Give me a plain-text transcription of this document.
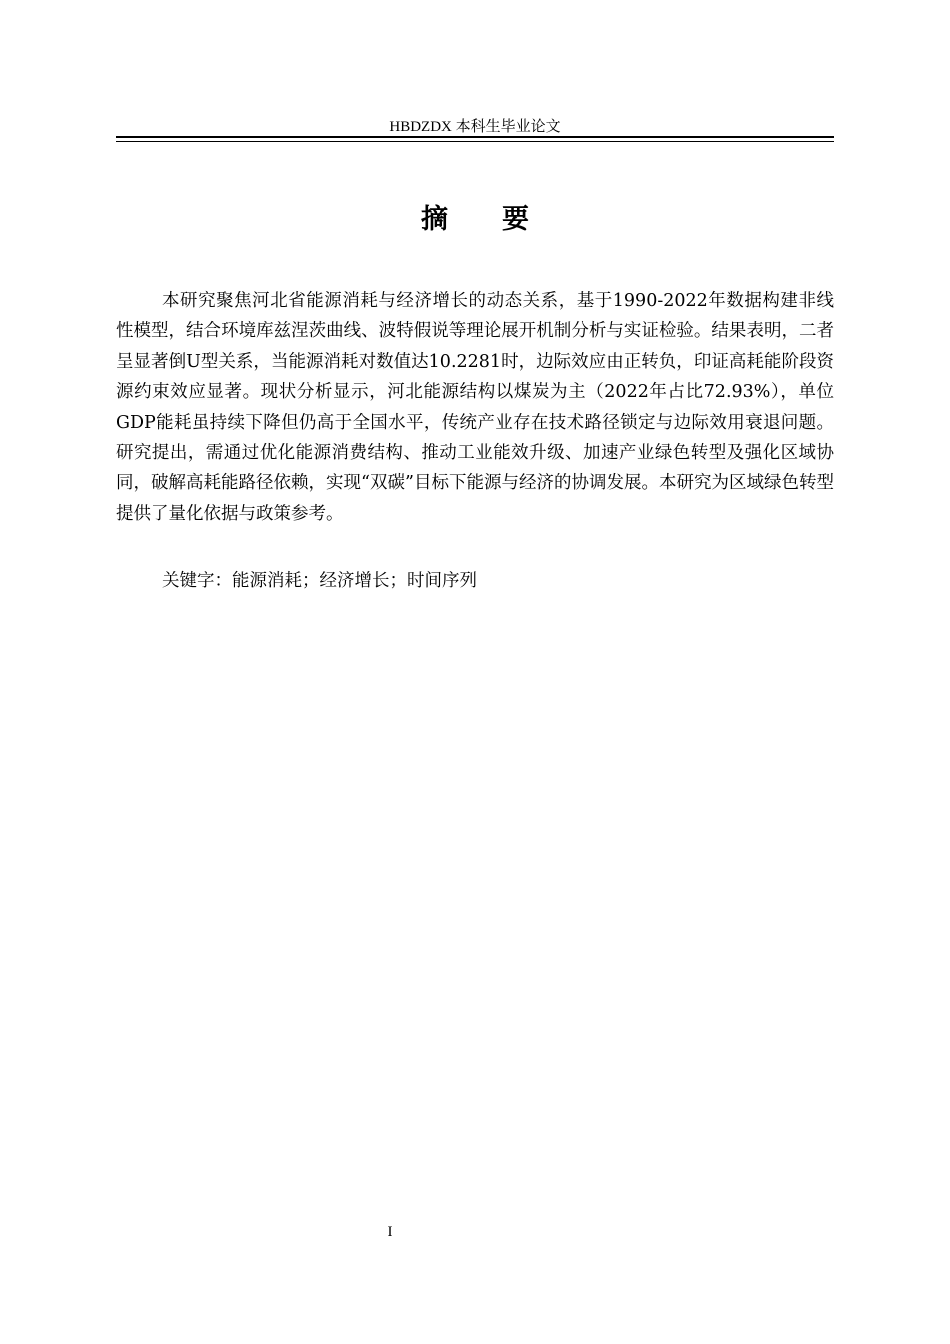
HBDZDX 本科生毕业论文
摘要

本研究聚焦河北省能源消耗与经济增长的动态关系，基于1990-2022年数据构建非线性模型，结合环境库兹涅茨曲线、波特假说等理论展开机制分析与实证检验。结果表明，二者呈显著倒U型关系，当能源消耗对数值达10.2281时，边际效应由正转负，印证高耗能阶段资源约束效应显著。现状分析显示，河北能源结构以煤炭为主（2022年占比72.93%），单位GDP能耗虽持续下降但仍高于全国水平，传统产业存在技术路径锁定与边际效用衰退问题。研究提出，需通过优化能源消费结构、推动工业能效升级、加速产业绿色转型及强化区域协同，破解高耗能路径依赖，实现“双碳”目标下能源与经济的协调发展。本研究为区域绿色转型提供了量化依据与政策参考。

关键字：能源消耗；经济增长；时间序列

I
